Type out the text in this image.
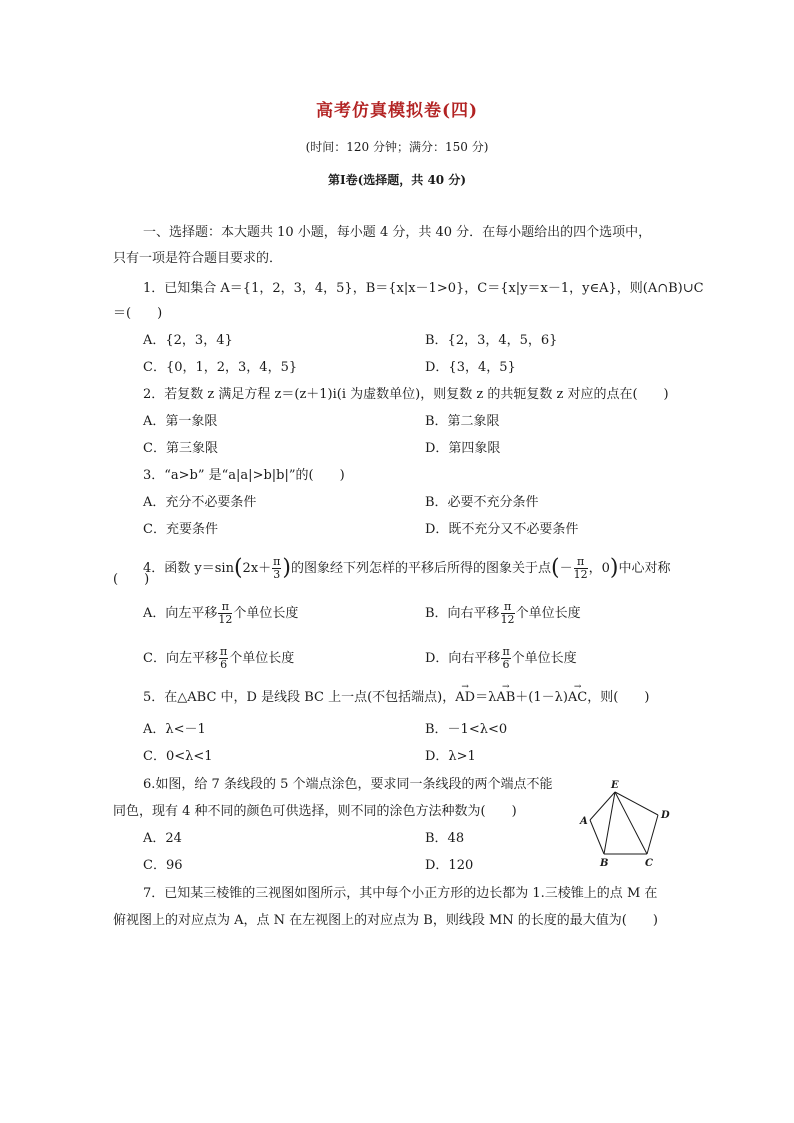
高考仿真模拟卷(四)
(时间：120 分钟；满分：150 分)
第Ⅰ卷(选择题，共 40 分)
一、选择题：本大题共 10 小题，每小题 4 分，共 40 分．在每小题给出的四个选项中，
只有一项是符合题目要求的．
1．已知集合 A＝{1，2，3，4，5}，B＝{x|x－1>0}，C＝{x|y＝x－1，y∈A}，则(A∩B)∪C
＝(　　)
A．{2，3，4}	B．{2，3，4，5，6}
C．{0，1，2，3，4，5}	D．{3，4，5}
2．若复数 z 满足方程 z＝(z＋1)i(i 为虚数单位)，则复数 z 的共轭复数 z 对应的点在(　　)
A．第一象限	B．第二象限
C．第三象限	D．第四象限
3．“a>b” 是“a|a|>b|b|”的(　　)
A．充分不必要条件	B．必要不充分条件
C．充要条件	D．既不充分又不必要条件
4．函数 $y=\sin(2x+ \frac{\pi}{3}$ )的图象经下列怎样的平移后所得的图象关于点(－ $\frac{\pi}{12}$ ，0)中心对称
(　　)
A．向左平移 $\frac{\pi}{12}$ 个单位长度	B．向右平移 $\frac{\pi}{12}$ 个单位长度
C．向左平移 $\frac{\pi}{6}$ 个单位长度	D．向右平移 $\frac{\pi}{6}$ 个单位长度
5．在△ABC 中，D 是线段 BC 上一点(不包括端点)，→ AD＝λ→ AB＋(1－λ)→ AC，则(　　)
A．λ<－1	B．－1<λ<0
C．0<λ<1	D．λ>1
6.如图，给 7 条线段的 5 个端点涂色，要求同一条线段的两个端点不能
同色，现有 4 种不同的颜色可供选择，则不同的涂色方法种数为(　　)
A．24	B．48
C．96	D．120
E
A
D
B	C
7．已知某三棱锥的三视图如图所示，其中每个小正方形的边长都为 1.三棱锥上的点 M 在
俯视图上的对应点为 A，点 N 在左视图上的对应点为 B，则线段 MN 的长度的最大值为(　　)
